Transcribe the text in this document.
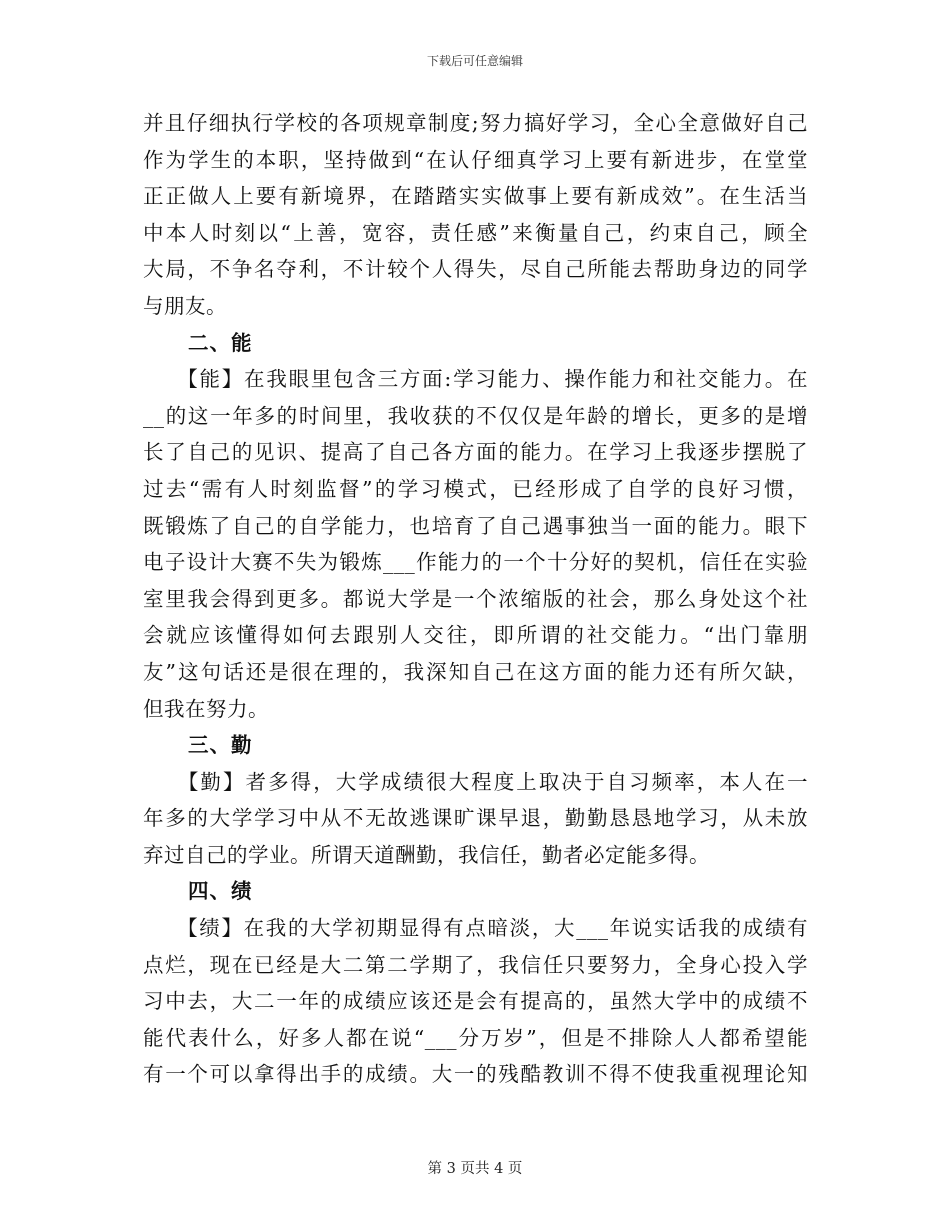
下载后可任意编辑
并且仔细执行学校的各项规章制度;努力搞好学习，全心全意做好自己
作为学生的本职，坚持做到“在认仔细真学习上要有新进步，在堂堂
正正做人上要有新境界，在踏踏实实做事上要有新成效”。在生活当
中本人时刻以“上善，宽容，责任感”来衡量自己，约束自己，顾全
大局，不争名夺利，不计较个人得失，尽自己所能去帮助身边的同学
与朋友。
二、能
　　【能】在我眼里包含三方面:学习能力、操作能力和社交能力。在
__的这一年多的时间里，我收获的不仅仅是年龄的增长，更多的是增
长了自己的见识、提高了自己各方面的能力。在学习上我逐步摆脱了
过去“需有人时刻监督”的学习模式，已经形成了自学的良好习惯，
既锻炼了自己的自学能力，也培育了自己遇事独当一面的能力。眼下
电子设计大赛不失为锻炼___作能力的一个十分好的契机，信任在实验
室里我会得到更多。都说大学是一个浓缩版的社会，那么身处这个社
会就应该懂得如何去跟别人交往，即所谓的社交能力。“出门靠朋
友”这句话还是很在理的，我深知自己在这方面的能力还有所欠缺，
但我在努力。
三、勤
　　【勤】者多得，大学成绩很大程度上取决于自习频率，本人在一
年多的大学学习中从不无故逃课旷课早退，勤勤恳恳地学习，从未放
弃过自己的学业。所谓天道酬勤，我信任，勤者必定能多得。
四、绩
　　【绩】在我的大学初期显得有点暗淡，大___年说实话我的成绩有
点烂，现在已经是大二第二学期了，我信任只要努力，全身心投入学
习中去，大二一年的成绩应该还是会有提高的，虽然大学中的成绩不
能代表什么，好多人都在说“___分万岁”，但是不排除人人都希望能
有一个可以拿得出手的成绩。大一的残酷教训不得不使我重视理论知
第 3 页共 4 页
